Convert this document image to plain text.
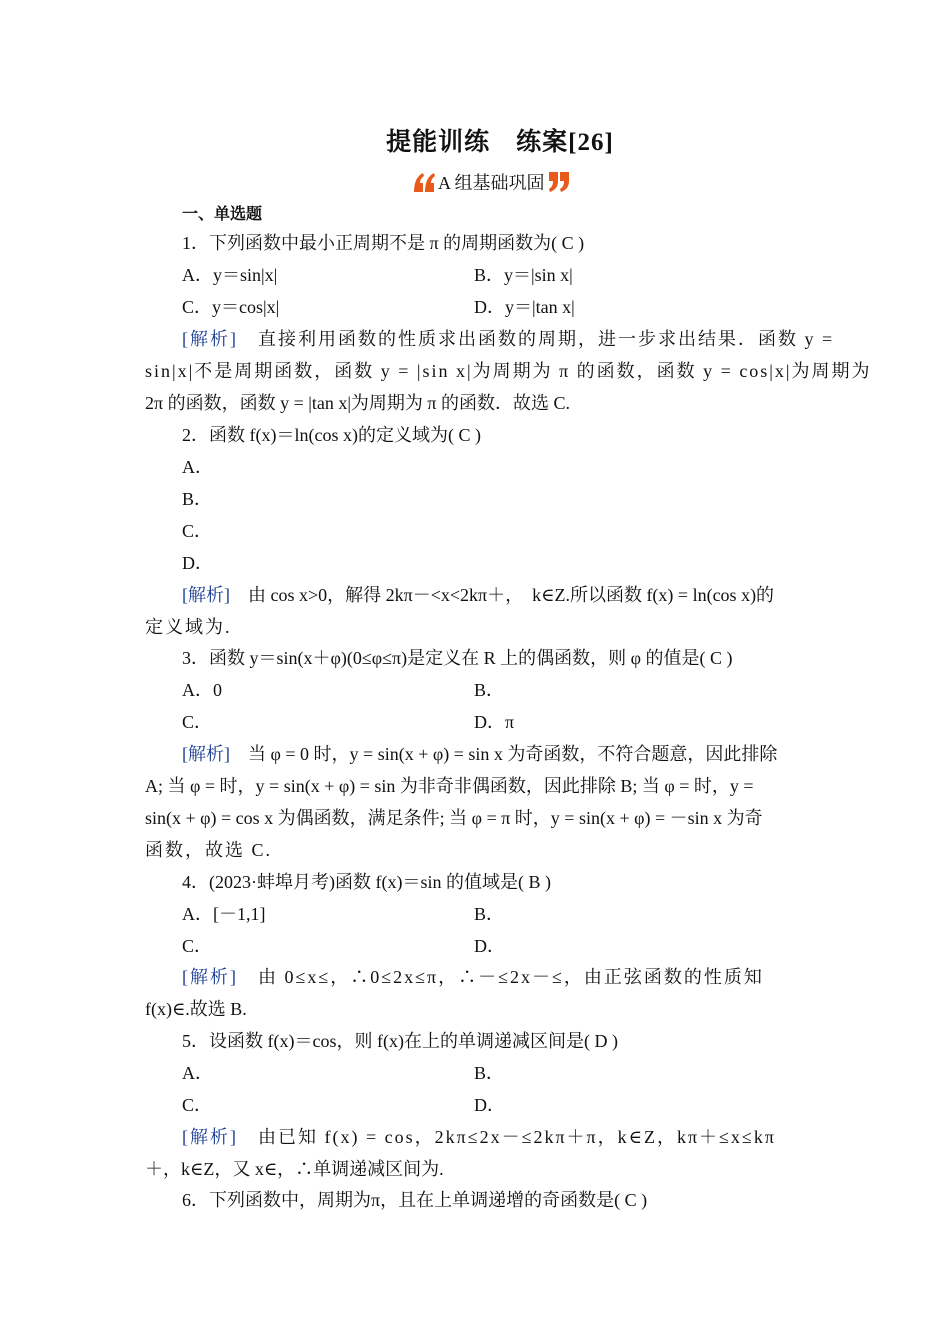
提能训练　练案[26]
A 组基础巩固
一、单选题
1．下列函数中最小正周期不是 π 的周期函数为( C )
A．y＝sin|x|	B．y＝|sin x|
C．y＝cos|x|	D．y＝|tan x|
[解析]　直接利用函数的性质求出函数的周期，进一步求出结果．函数 y =
sin|x|不是周期函数，函数 y = |sin x|为周期为 π 的函数，函数 y = cos|x|为周期为
2π 的函数，函数 y = |tan x|为周期为 π 的函数．故选 C.
2．函数 f(x)＝ln(cos x)的定义域为( C )
A．
B．
C．
D．
[解析]　由 cos x>0，解得 2kπ－<x<2kπ＋，　k∈Z.所以函数 f(x) = ln(cos x)的
定义域为.
3．函数 y＝sin(x＋φ)(0≤φ≤π)是定义在 R 上的偶函数，则 φ 的值是( C )
A．0	B．
C．	D．π
[解析]　当 φ = 0 时，y = sin(x + φ) = sin x 为奇函数，不符合题意，因此排除
A; 当 φ = 时，y = sin(x + φ) = sin 为非奇非偶函数，因此排除 B; 当 φ = 时，y =
sin(x + φ) = cos x 为偶函数，满足条件; 当 φ = π 时，y = sin(x + φ) = －sin x 为奇
函数，故选 C.
4．(2023·蚌埠月考)函数 f(x)＝sin 的值域是( B )
A．[－1,1]	B．
C．	D．
[解析]　由 0≤x≤，∴0≤2x≤π，∴－≤2x－≤，由正弦函数的性质知
f(x)∈.故选 B.
5．设函数 f(x)＝cos，则 f(x)在上的单调递减区间是( D )
A．	B．
C．	D．
[解析]　由已知 f(x) = cos，2kπ≤2x－≤2kπ＋π，k∈Z，kπ＋≤x≤kπ
＋，k∈Z，又 x∈，∴单调递减区间为.
6．下列函数中，周期为π，且在上单调递增的奇函数是( C )
